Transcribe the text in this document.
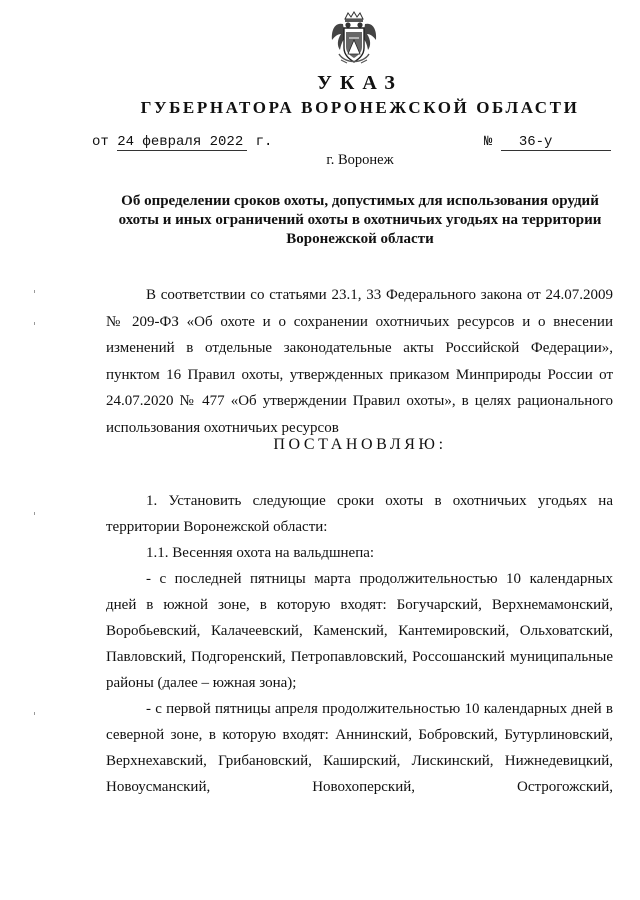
УКАЗ
ГУБЕРНАТОРА ВОРОНЕЖСКОЙ ОБЛАСТИ
от 24 февраля 2022 г.	№ 36-у
г. Воронеж
Об определении сроков охоты, допустимых для использования орудий охоты и иных ограничений охоты в охотничьих угодьях на территории Воронежской области
В соответствии со статьями 23.1, 33 Федерального закона от 24.07.2009 № 209-ФЗ «Об охоте и о сохранении охотничьих ресурсов и о внесении изменений в отдельные законодательные акты Российской Федерации», пунктом 16 Правил охоты, утвержденных приказом Минприроды России от 24.07.2020 № 477 «Об утверждении Правил охоты», в целях рационального использования охотничьих ресурсов
ПОСТАНОВЛЯЮ:
1. Установить следующие сроки охоты в охотничьих угодьях на территории Воронежской области:
1.1. Весенняя охота на вальдшнепа:
- с последней пятницы марта продолжительностью 10 календарных дней в южной зоне, в которую входят: Богучарский, Верхнемамонский, Воробьевский, Калачеевский, Каменский, Кантемировский, Ольховатский, Павловский, Подгоренский, Петропавловский, Россошанский муниципальные районы (далее – южная зона);
- с первой пятницы апреля продолжительностью 10 календарных дней в северной зоне, в которую входят: Аннинский, Бобровский, Бутурлиновский, Верхнехавский, Грибановский, Каширский, Лискинский, Нижнедевицкий, Новоусманский, Новохоперский, Острогожский,
